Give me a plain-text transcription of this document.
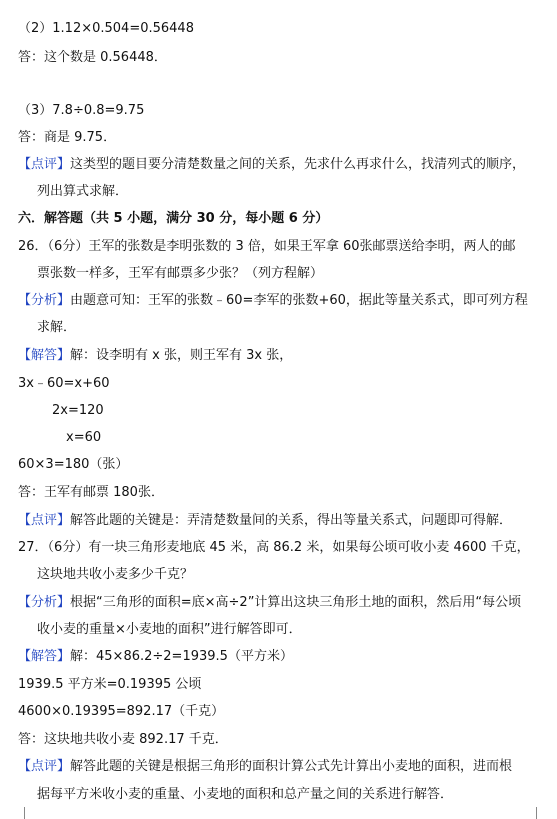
（2）1.12×0.504=0.56448
答：这个数是 0.56448．
（3）7.8÷0.8=9.75
答：商是 9.75．
【点评】这类型的题目要分清楚数量之间的关系，先求什么再求什么，找清列式的顺序，
列出算式求解．
六．解答题（共 5 小题，满分 30 分，每小题 6 分）
26．（6分）王军的张数是李明张数的 3 倍，如果王军拿 60张邮票送给李明，两人的邮
票张数一样多，王军有邮票多少张？（列方程解）
【分析】由题意可知：王军的张数﹣60=李军的张数+60，据此等量关系式，即可列方程
求解．
【解答】解：设李明有 x 张，则王军有 3x 张，
3x﹣60=x+60
2x=120
x=60
60×3=180（张）
答：王军有邮票 180张．
【点评】解答此题的关键是：弄清楚数量间的关系，得出等量关系式，问题即可得解．
27．（6分）有一块三角形麦地底 45 米，高 86.2 米，如果每公顷可收小麦 4600 千克，
这块地共收小麦多少千克？
【分析】根据“三角形的面积=底×高÷2”计算出这块三角形土地的面积，然后用“每公顷
收小麦的重量×小麦地的面积”进行解答即可．
【解答】解：45×86.2÷2=1939.5（平方米）
1939.5 平方米=0.19395 公顷
4600×0.19395=892.17（千克）
答：这块地共收小麦 892.17 千克．
【点评】解答此题的关键是根据三角形的面积计算公式先计算出小麦地的面积，进而根
据每平方米收小麦的重量、小麦地的面积和总产量之间的关系进行解答．
